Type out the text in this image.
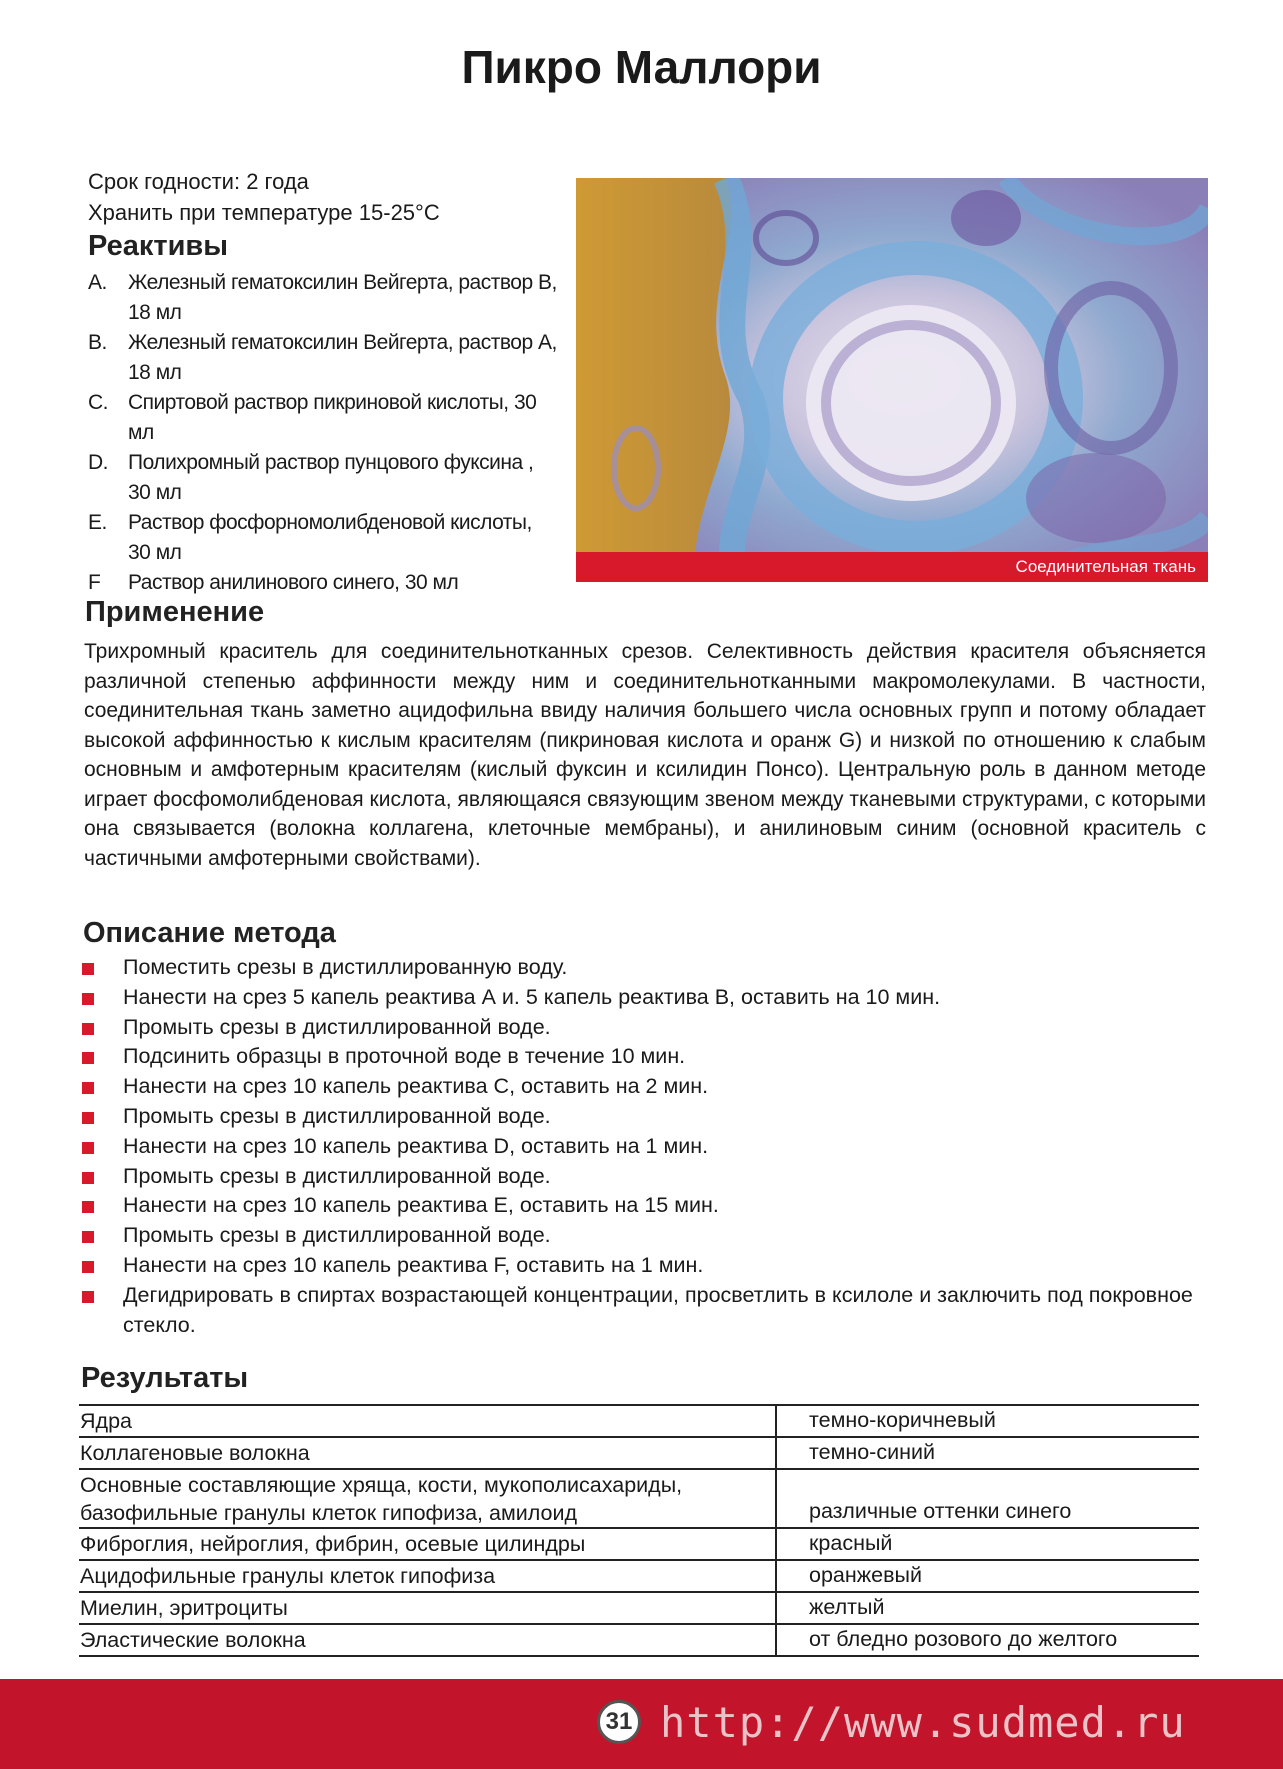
Пикро Маллори
Срок годности: 2 года
Хранить при температуре 15-25°C
Реактивы
A. Железный гематоксилин Вейгерта, раствор В, 18 мл
B. Железный гематоксилин Вейгерта, раствор А, 18 мл
C. Спиртовой раствор пикриновой кислоты, 30 мл
D. Полихромный раствор пунцового фуксина , 30 мл
E. Раствор фосфорномолибденовой кислоты, 30 мл
F Раствор анилинового синего, 30 мл
Соединительная ткань
Применение
Трихромный краситель для соединительнотканных срезов. Селективность действия красителя объясняется различной степенью аффинности между ним и соединительнотканными макромолекулами. В частности, соединительная ткань заметно ацидофильна ввиду наличия большего числа основных групп и потому обладает высокой аффинностью к кислым красителям (пикриновая кислота и оранж G) и низкой по отношению к слабым основным и амфотерным красителям (кислый фуксин и ксилидин Понсо). Центральную роль в данном методе играет фосфомолибденовая кислота, являющаяся связующим звеном между тканевыми структурами, с которыми она связывается (волокна коллагена, клеточные мембраны), и анилиновым синим (основной краситель с частичными амфотерными свойствами).
Описание метода
Поместить срезы в дистиллированную воду.
Нанести на срез 5 капель реактива А и. 5 капель реактива В, оставить на 10 мин.
Промыть срезы в дистиллированной воде.
Подсинить образцы в проточной воде в течение 10 мин.
Нанести на срез 10 капель реактива С, оставить на 2 мин.
Промыть срезы в дистиллированной воде.
Нанести на срез 10 капель реактива D, оставить на 1 мин.
Промыть срезы в дистиллированной воде.
Нанести на срез 10 капель реактива Е, оставить на 15 мин.
Промыть срезы в дистиллированной воде.
Нанести на срез 10 капель реактива F, оставить на 1 мин.
Дегидрировать в спиртах возрастающей концентрации, просветлить в ксилоле и заключить под покровное стекло.
Результаты
Ядра	темно-коричневый
Коллагеновые волокна	темно-синий
Основные составляющие хряща, кости, мукополисахариды, базофильные гранулы клеток гипофиза, амилоид	различные оттенки синего
Фиброглия, нейроглия, фибрин, осевые цилиндры	красный
Ацидофильные гранулы клеток гипофиза	оранжевый
Миелин, эритроциты	желтый
Эластические волокна	от бледно розового до желтого
31 http://www.sudmed.ru
